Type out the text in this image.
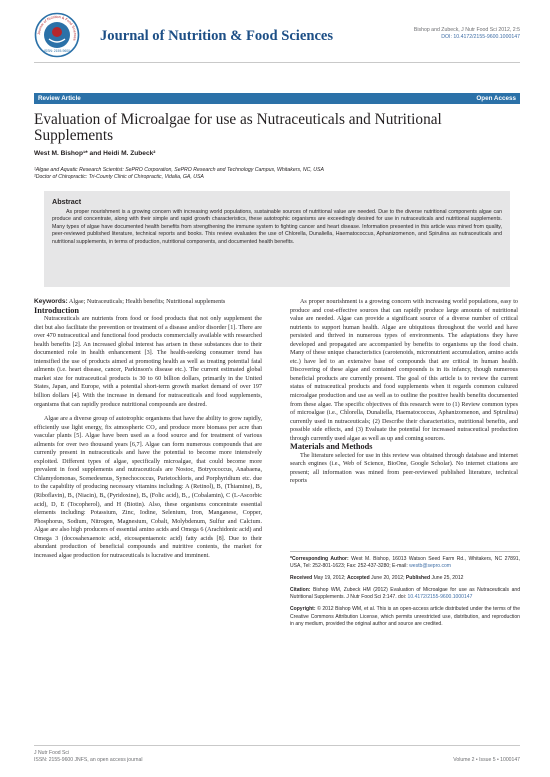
Journal of Nutrition & Food Sciences
ISSN: 2155-9600
Journal of Nutrition & Food Sciences	Bishop and Zubeck, J Nutr Food Sci 2012, 2:5
DOI: 10.4172/2155-9600.1000147
Review Article	Open Access
Evaluation of Microalgae for use as Nutraceuticals and Nutritional Supplements
West M. Bishop¹* and Heidi M. Zubeck²
¹Algae and Aquatic Research Scientist: SePRO Corporation, SePRO Research and Technology Campus, Whitakers, NC, USA
²Doctor of Chiropractic: Tri-County Clinic of Chiropractic, Vidalia, GA, USA
Abstract
As proper nourishment is a growing concern with increasing world populations, sustainable sources of nutritional value are needed. Due to the diverse nutritional components algae can produce and concentrate, along with their simple and rapid growth characteristics, these autotrophic organisms are exceedingly desired for use in nutraceuticals and nutritional supplements. Many types of algae have documented health benefits from strengthening the immune system to fighting cancer and heart disease. Information presented in this article was mined from quality, peer-reviewed published literature, technical reports and books. This review evaluates the use of Chlorella, Dunaliella, Haematococcus, Aphanizomenon, and Spirulina as nutraceuticals and nutritional supplements, in terms of production, nutritional components, and documented health benefits.

Keywords: Algae; Nutraceuticals; Health benefits; Nutritional supplements

Introduction

Nutraceuticals are nutrients from food or food products that not only supplement the diet but also facilitate the prevention or treatment of a disease and/or disorder [1]. There are over 470 nutraceutical and functional food products commercially available with researched health benefits [2]. An increased global interest has arisen in these substances due to their documented role in health enhancement [3]. The health-seeking consumer trend has intensified the use of products aimed at promoting health as well as treating potential fatal ailments (i.e. heart disease, cancer, Parkinson's disease etc.). The current estimated global market size for nutraceutical products is 30 to 60 billion dollars, primarily in the United States, Japan, and Europe, with a potential short-term growth market demand of over 197 billion dollars [4]. With the increase in demand for nutraceuticals and food supplements, organisms that can rapidly produce nutritional compounds are desired.

Algae are a diverse group of autotrophic organisms that have the ability to grow rapidly, efficiently use light energy, fix atmospheric CO₂ and produce more biomass per acre than vascular plants [5]. Algae have been used as a food source and for treatment of various ailments for over two thousand years [6,7]. Algae can form numerous compounds that are currently present in nutraceuticals and have the potential to become more intensively exploited. Different types of algae, specifically microalgae, that could become more prevalent in food supplements and nutraceuticals are Nostoc, Botryococcus, Anabaena, Chlamydomonas, Scenedesmus, Synechococcus, Parietochloris, and Porphyridium etc. due to the capability of producing necessary vitamins including: A (Retinol), B₁ (Thiamine), B₂ (Riboflavin), B₃ (Niacin), B₆ (Pyridoxine), B₉ (Folic acid), B₁₂ (Cobalamin), C (L-Ascorbic acid), D, E (Tocopherol), and H (Biotin). Also, these organisms concentrate essential elements including: Potassium, Zinc, Iodine, Selenium, Iron, Manganese, Copper, Phosphorus, Sodium, Nitrogen, Magnesium, Cobalt, Molybdenum, Sulfur and Calcium. Algae are also high producers of essential amino acids and Omega 6 (Arachidonic acid) and Omega 3 (docosahexaenoic acid, eicosapentaenoic acid) fatty acids [8]. Due to their abundant production of beneficial compounds and nutritive contents, the market for increased algae production for nutraceuticals is lucrative and imminent.

As proper nourishment is a growing concern with increasing world populations, easy to produce and cost-effective sources that can rapidly produce large amounts of nutritional value are needed. Algae can provide a significant source of a diverse number of critical nutrients to support human health. Algae are ubiquitous throughout the world and have persisted and thrived in numerous types of environments. The adaptations they have developed and propagated are accompanied by benefits to organisms up the food chain. Many of these unique characteristics (carotenoids, micronutrient accumulation, amino acids etc.) have led to an extensive base of compounds that are critical in human health. Discovering of these algae and contained compounds is in its infancy, though numerous beneficial products are currently present. The goal of this article is to review the current status of nutraceutical products and food supplements when it regards common cultured microalgae production and use as well as to outline the positive health benefits documented from these algae. The specific objectives of this research were to (1) Review common types of microalgae (i.e., Chlorella, Dunaliella, Haematococcus, Aphanizomenon, and Spirulina) currently used in nutraceuticals; (2) Describe their characteristics, nutritional benefits, and possible side effects, and (3) Evaluate the potential for increased nutraceutical production through currently used algae as well as up and coming sources.

Materials and Methods

The literature selected for use in this review was obtained through database and internet search engines (i.e., Web of Science, BioOne, Google Scholar). No internet citations are present; all information was mined from peer-reviewed published literature, technical reports

*Corresponding Author: West M. Bishop, 16013 Watson Seed Farm Rd., Whitakers, NC 27891, USA, Tel: 252-801-1623; Fax: 252-437-3280; E-mail: westb@sepro.com

Received May 19, 2012; Accepted June 20, 2012; Published June 25, 2012

Citation: Bishop WM, Zubeck HM (2012) Evaluation of Microalgae for use as Nutraceuticals and Nutritional Supplements. J Nutr Food Sci 2:147. doi: 10.4172/2155-9600.1000147

Copyright: © 2012 Bishop WM, et al. This is an open-access article distributed under the terms of the Creative Commons Attribution License, which permits unrestricted use, distribution, and reproduction in any medium, provided the original author and source are credited.

J Nutr Food Sci
ISSN: 2155-9600 JNFS, an open access journal	Volume 2 • Issue 5 • 1000147
